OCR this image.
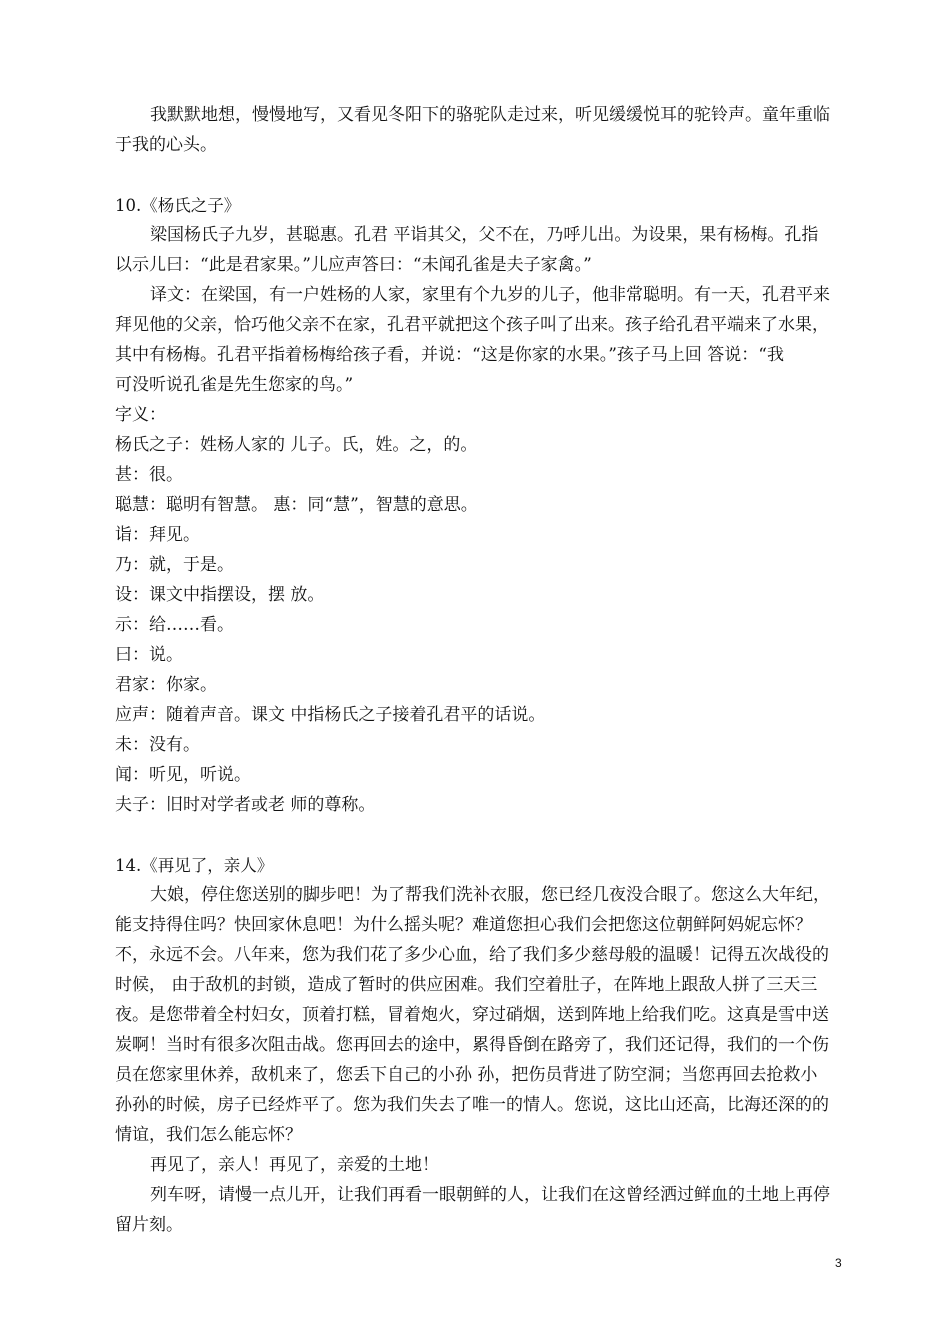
我默默地想，慢慢地写，又看见冬阳下的骆驼队走过来，听见缓缓悦耳的驼铃声。童年重临
于我的心头。
10.《杨氏之子》
梁国杨氏子九岁，甚聪惠。孔君 平诣其父，父不在，乃呼儿出。为设果，果有杨梅。孔指
以示儿曰：“此是君家果。”儿应声答曰：“未闻孔雀是夫子家禽。”
译文：在梁国，有一户姓杨的人家，家里有个九岁的儿子，他非常聪明。有一天，孔君平来
拜见他的父亲，恰巧他父亲不在家，孔君平就把这个孩子叫了出来。孩子给孔君平端来了水果，
其中有杨梅。孔君平指着杨梅给孩子看，并说：“这是你家的水果。”孩子马上回 答说：“我
可没听说孔雀是先生您家的鸟。”
字义：
杨氏之子：姓杨人家的 儿子。氏，姓。之，的。
甚：很。
聪慧：聪明有智慧。 惠：同“慧”，智慧的意思。
诣：拜见。
乃：就，于是。
设：课文中指摆设，摆 放。
示：给……看。
曰：说。
君家：你家。
应声：随着声音。课文 中指杨氏之子接着孔君平的话说。
未：没有。
闻：听见，听说。
夫子：旧时对学者或老 师的尊称。
14.《再见了，亲人》
大娘，停住您送别的脚步吧！为了帮我们洗补衣服，您已经几夜没合眼了。您这么大年纪，
能支持得住吗？快回家休息吧！为什么摇头呢？难道您担心我们会把您这位朝鲜阿妈妮忘怀？
不，永远不会。八年来，您为我们花了多少心血，给了我们多少慈母般的温暖！记得五次战役的
时候， 由于敌机的封锁，造成了暂时的供应困难。我们空着肚子，在阵地上跟敌人拼了三天三
夜。是您带着全村妇女，顶着打糕，冒着炮火，穿过硝烟，送到阵地上给我们吃。这真是雪中送
炭啊！当时有很多次阻击战。您再回去的途中，累得昏倒在路旁了，我们还记得，我们的一个伤
员在您家里休养，敌机来了，您丢下自己的小孙 孙，把伤员背进了防空洞；当您再回去抢救小
孙孙的时候，房子已经炸平了。您为我们失去了唯一的情人。您说，这比山还高，比海还深的的
情谊，我们怎么能忘怀？
再见了，亲人！再见了，亲爱的土地！
列车呀，请慢一点儿开，让我们再看一眼朝鲜的人，让我们在这曾经洒过鲜血的土地上再停
留片刻。
3
